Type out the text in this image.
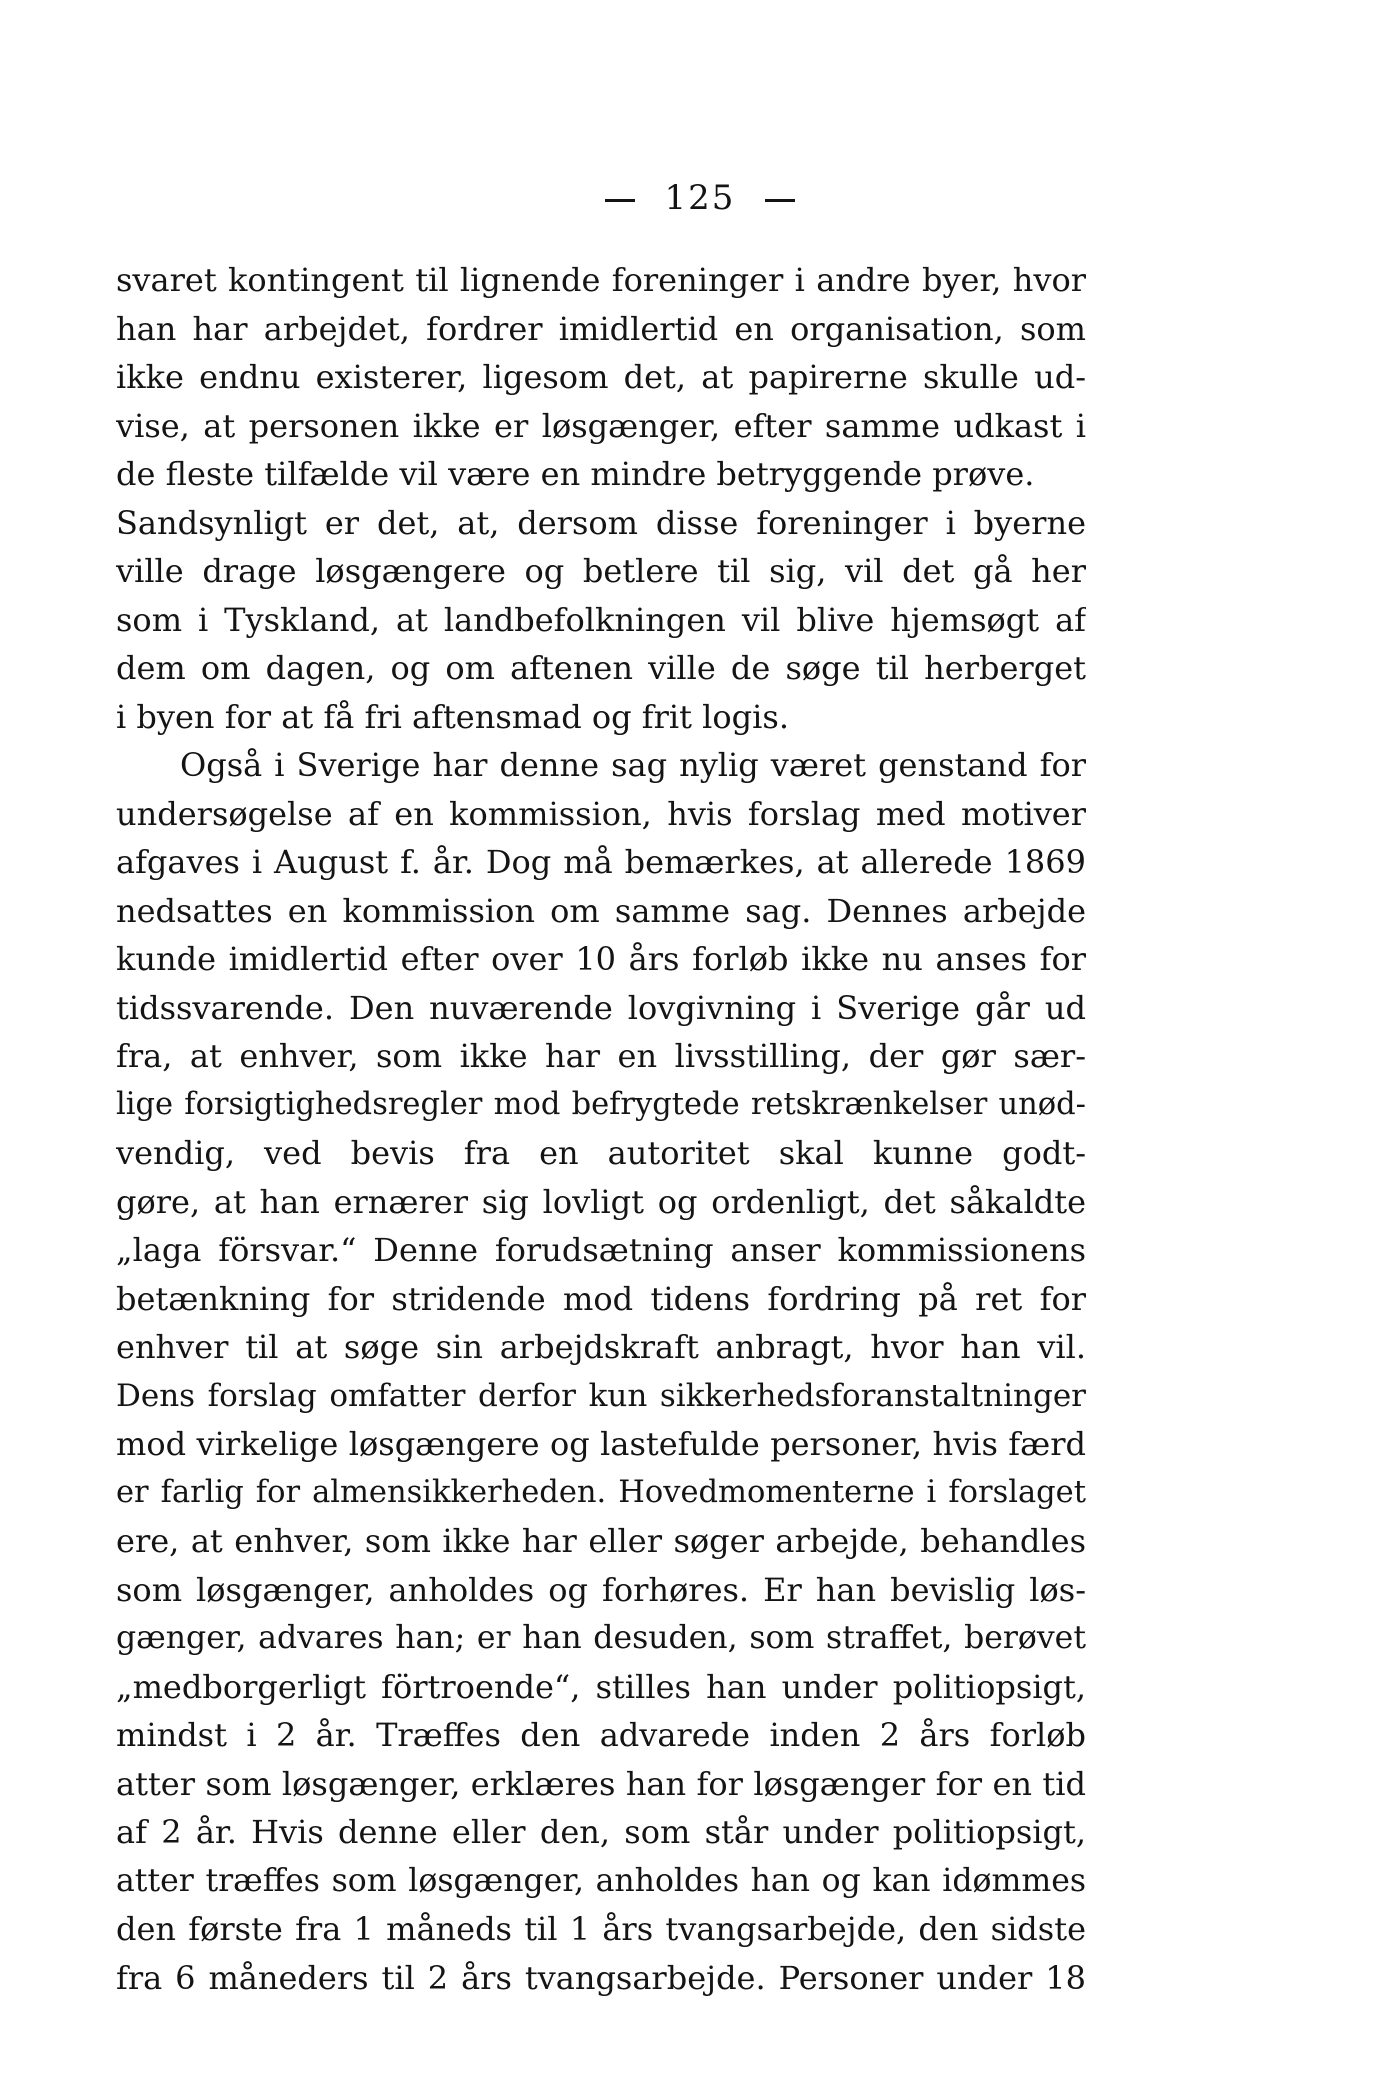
125
svaret kontingent til lignende foreninger i andre byer, hvor
han har arbejdet, fordrer imidlertid en organisation, som
ikke endnu existerer, ligesom det, at papirerne skulle ud-
vise, at personen ikke er løsgænger, efter samme udkast i
de fleste tilfælde vil være en mindre betryggende prøve.
Sandsynligt er det, at, dersom disse foreninger i byerne
ville drage løsgængere og betlere til sig, vil det gå her
som i Tyskland, at landbefolkningen vil blive hjemsøgt af
dem om dagen, og om aftenen ville de søge til herberget
i byen for at få fri aftensmad og frit logis.
Også i Sverige har denne sag nylig været genstand for
undersøgelse af en kommission, hvis forslag med motiver
afgaves i August f. år. Dog må bemærkes, at allerede 1869
nedsattes en kommission om samme sag. Dennes arbejde
kunde imidlertid efter over 10 års forløb ikke nu anses for
tidssvarende. Den nuværende lovgivning i Sverige går ud
fra, at enhver, som ikke har en livsstilling, der gør sær-
lige forsigtighedsregler mod befrygtede retskrænkelser unød-
vendig, ved bevis fra en autoritet skal kunne godt-
gøre, at han ernærer sig lovligt og ordenligt, det såkaldte
„laga försvar.“ Denne forudsætning anser kommissionens
betænkning for stridende mod tidens fordring på ret for
enhver til at søge sin arbejdskraft anbragt, hvor han vil.
Dens forslag omfatter derfor kun sikkerhedsforanstaltninger
mod virkelige løsgængere og lastefulde personer, hvis færd
er farlig for almensikkerheden. Hovedmomenterne i forslaget
ere, at enhver, som ikke har eller søger arbejde, behandles
som løsgænger, anholdes og forhøres. Er han bevislig løs-
gænger, advares han; er han desuden, som straffet, berøvet
„medborgerligt förtroende“, stilles han under politiopsigt,
mindst i 2 år. Træffes den advarede inden 2 års forløb
atter som løsgænger, erklæres han for løsgænger for en tid
af 2 år. Hvis denne eller den, som står under politiopsigt,
atter træffes som løsgænger, anholdes han og kan idømmes
den første fra 1 måneds til 1 års tvangsarbejde, den sidste
fra 6 måneders til 2 års tvangsarbejde. Personer under 18
